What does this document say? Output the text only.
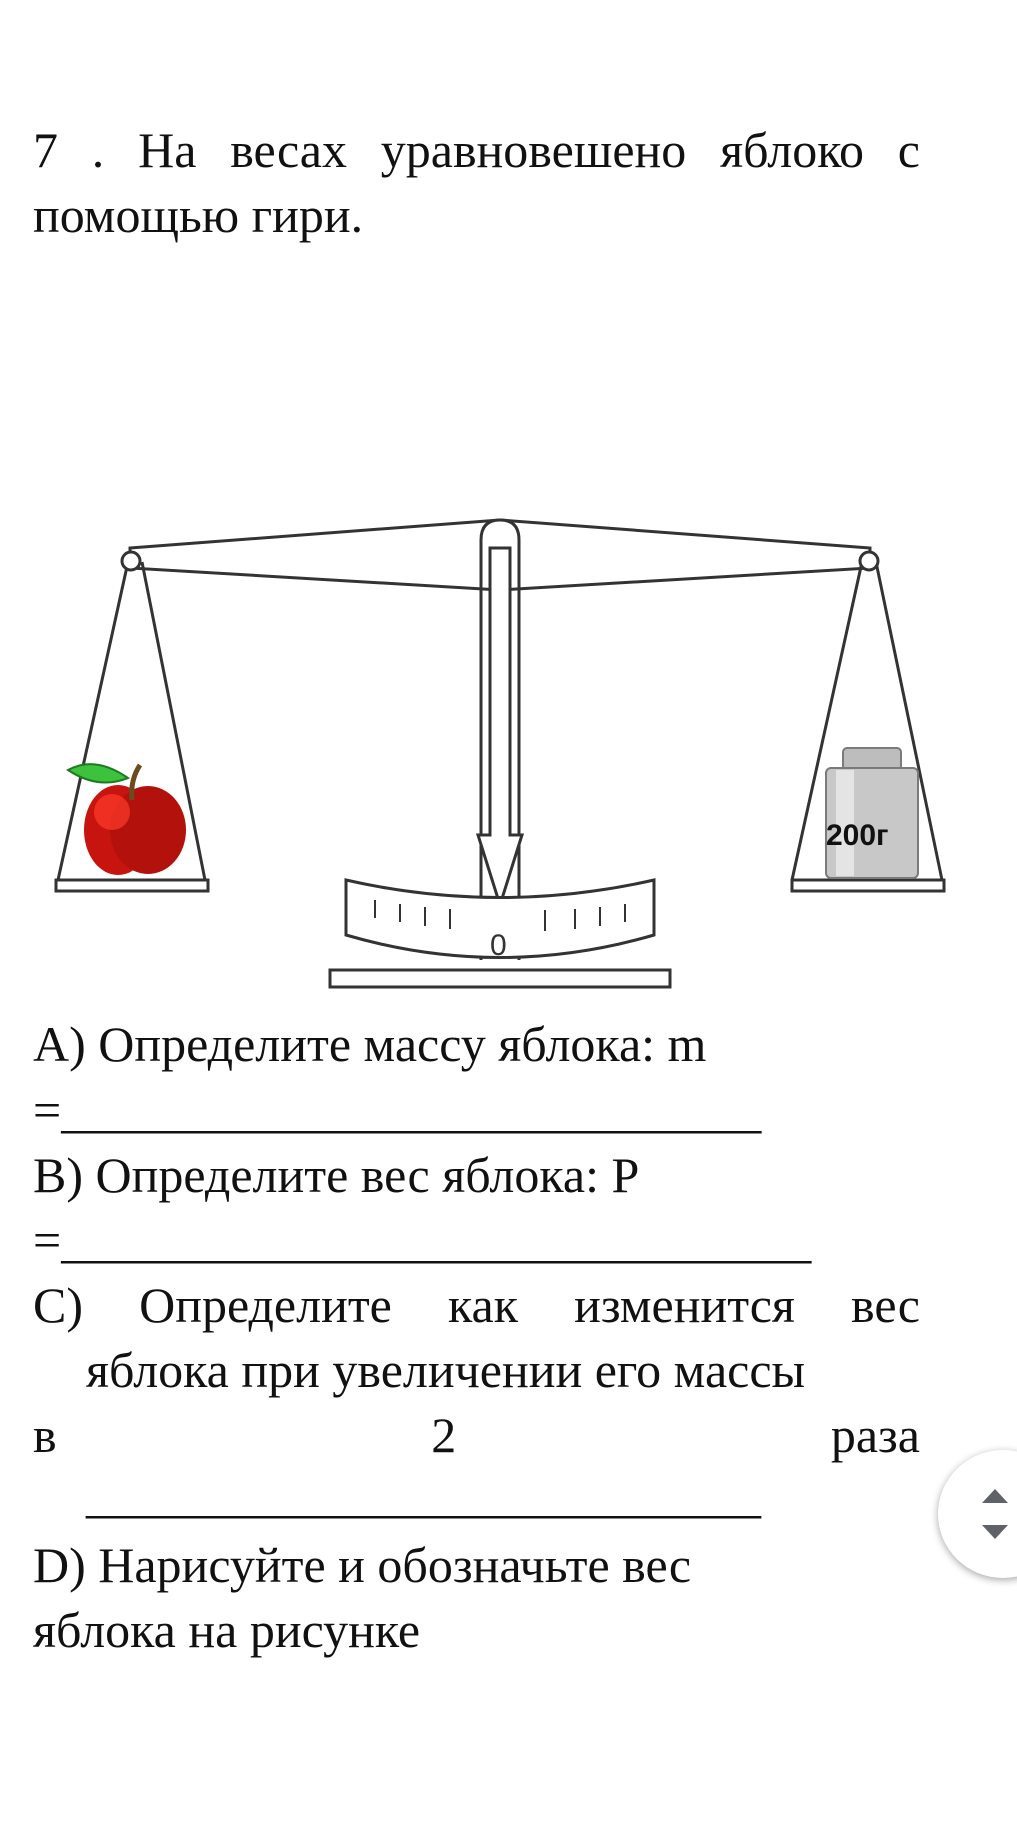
7 . На весах уравновешено яблоко с
помощью гири.
200г
0
A) Определите массу яблока: m
=____________________________
B) Определите вес яблока: P
=______________________________
C) Определите как изменится вес
яблока при увеличении его массы
в	2	раза
___________________________
D) Нарисуйте и обозначьте вес
яблока на рисунке
